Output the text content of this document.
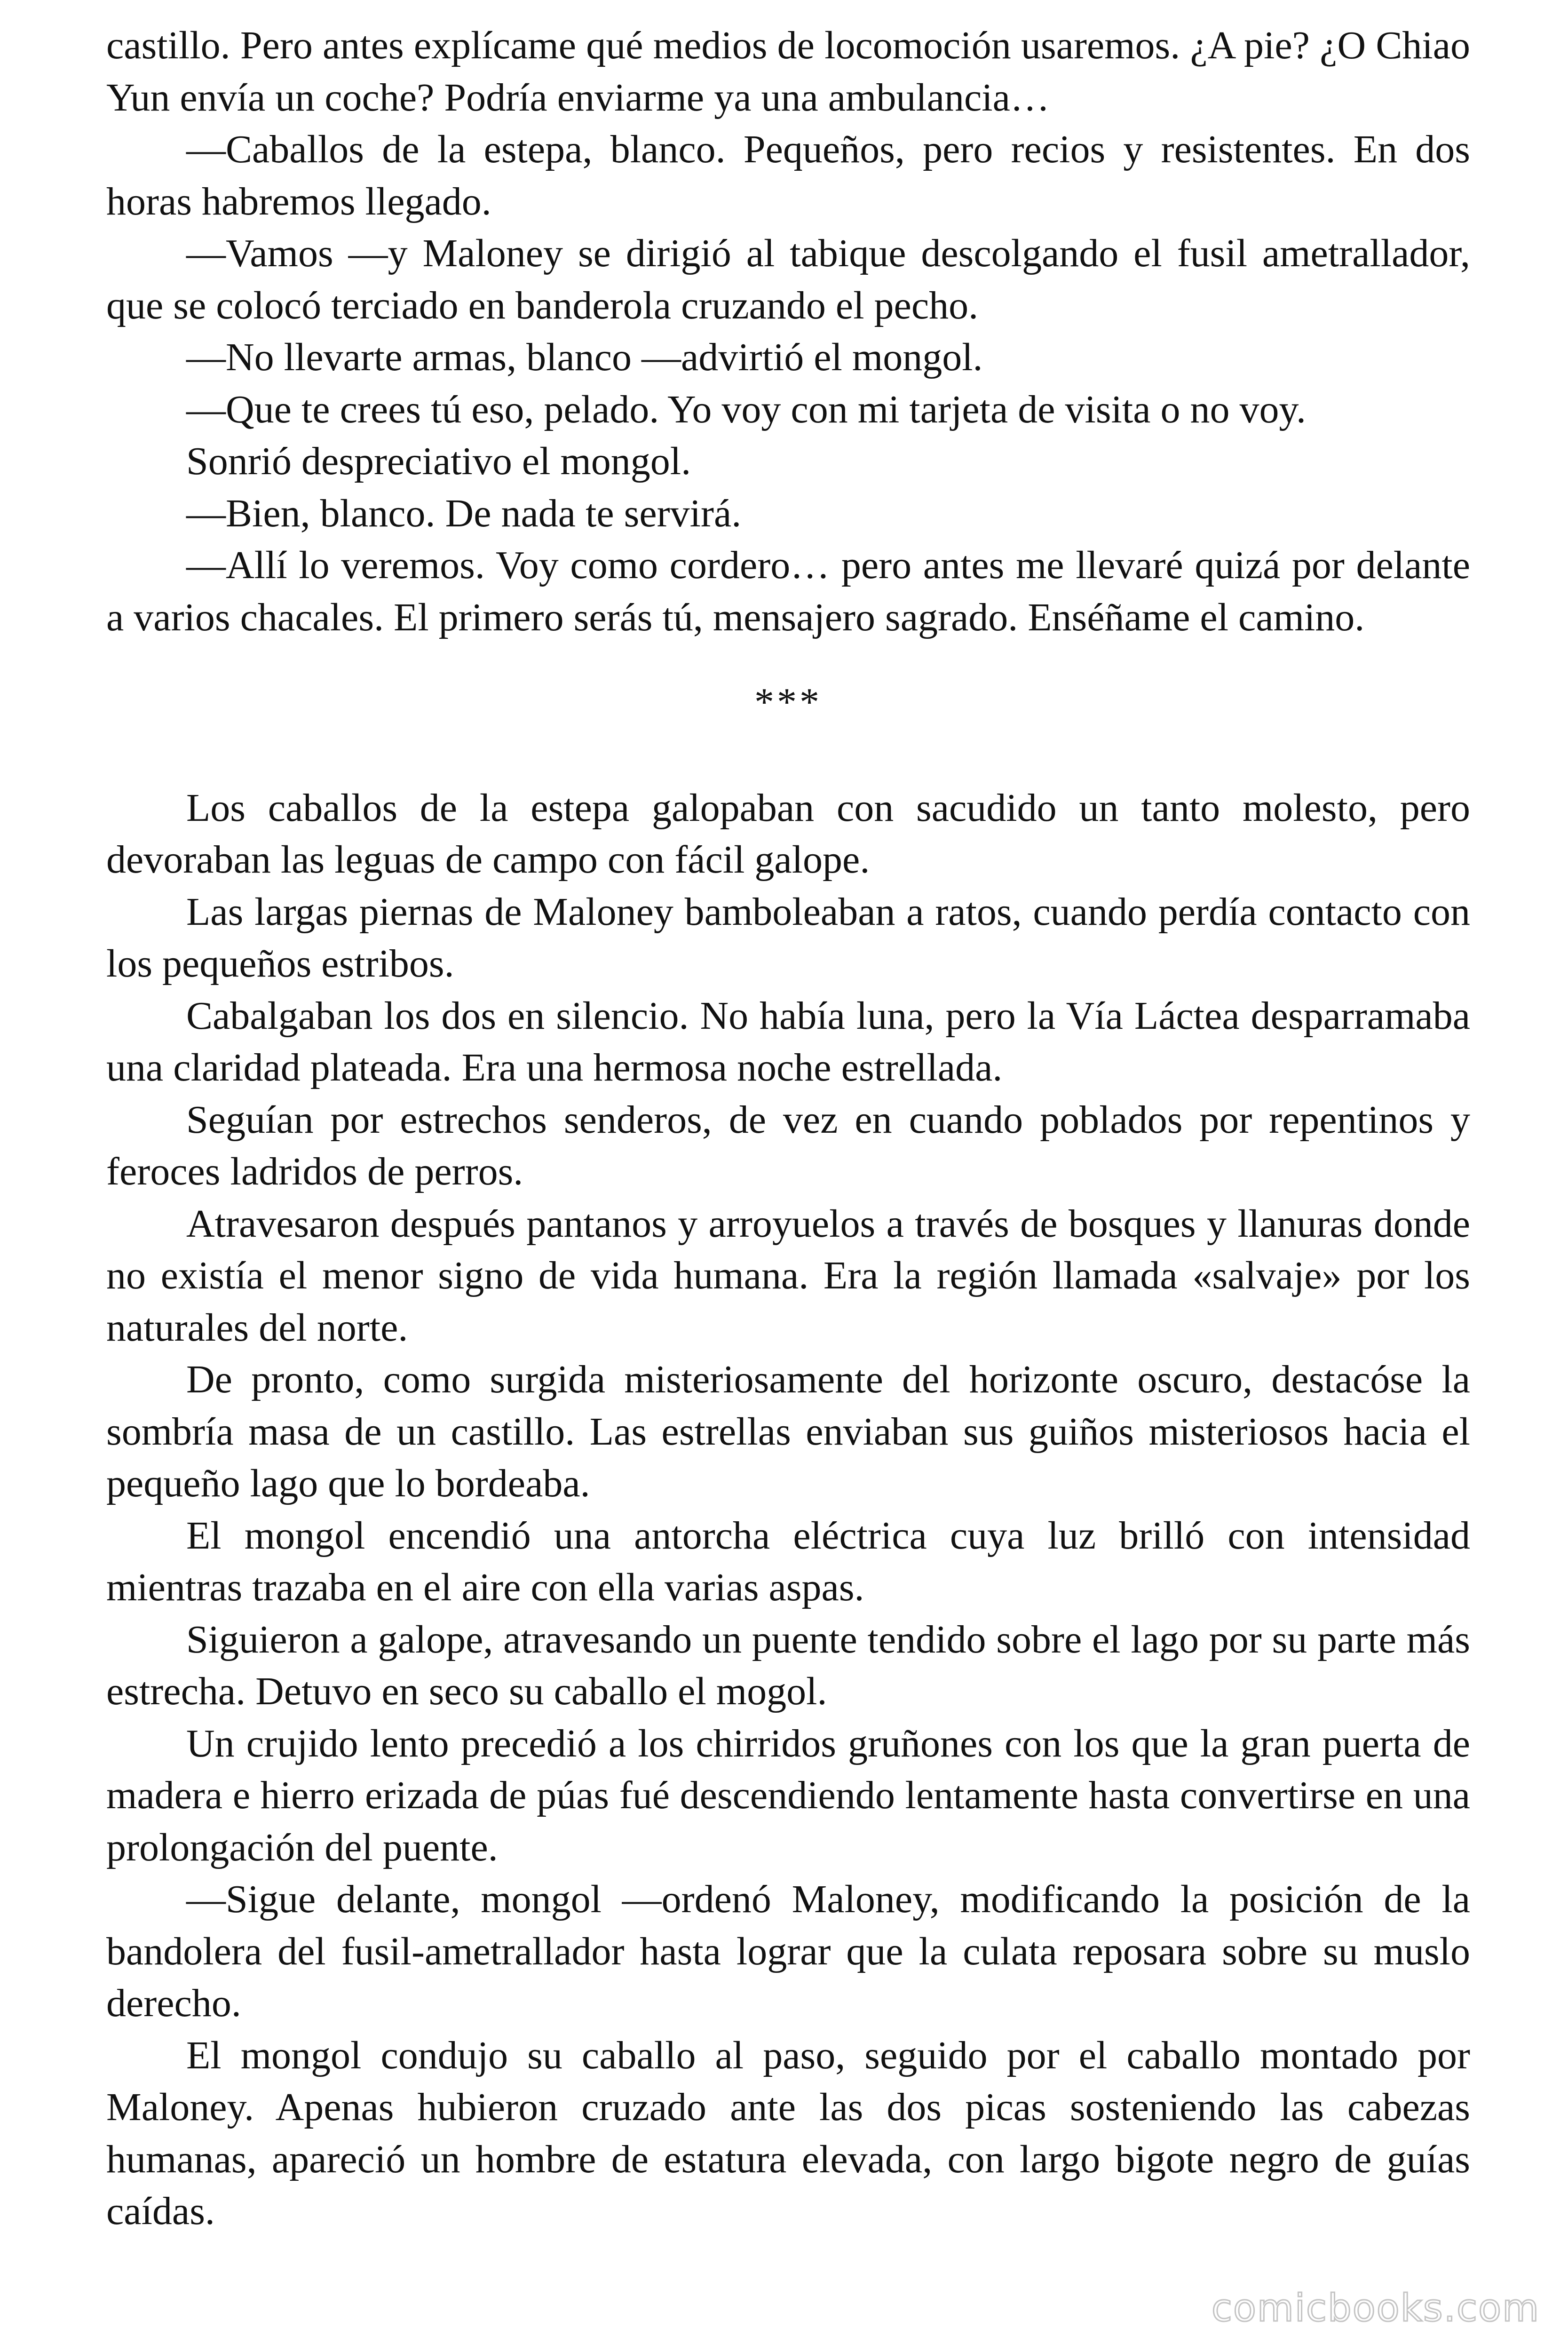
castillo. Pero antes explícame qué medios de locomoción usaremos. ¿A pie? ¿O Chiao Yun envía un coche? Podría enviarme ya una ambulancia…

—Caballos de la estepa, blanco. Pequeños, pero recios y resistentes. En dos horas habremos llegado.

—Vamos —y Maloney se dirigió al tabique descolgando el fusil ametrallador, que se colocó terciado en banderola cruzando el pecho.

—No llevarte armas, blanco —advirtió el mongol.

—Que te crees tú eso, pelado. Yo voy con mi tarjeta de visita o no voy.

Sonrió despreciativo el mongol.

—Bien, blanco. De nada te servirá.

—Allí lo veremos. Voy como cordero… pero antes me llevaré quizá por delante a varios chacales. El primero serás tú, mensajero sagrado. Enséñame el camino.

***

Los caballos de la estepa galopaban con sacudido un tanto molesto, pero devoraban las leguas de campo con fácil galope.

Las largas piernas de Maloney bamboleaban a ratos, cuando perdía contacto con los pequeños estribos.

Cabalgaban los dos en silencio. No había luna, pero la Vía Láctea desparramaba una claridad plateada. Era una hermosa noche estrellada.

Seguían por estrechos senderos, de vez en cuando poblados por repentinos y feroces ladridos de perros.

Atravesaron después pantanos y arroyuelos a través de bosques y llanuras donde no existía el menor signo de vida humana. Era la región llamada «salvaje» por los naturales del norte.

De pronto, como surgida misteriosamente del horizonte oscuro, destacóse la sombría masa de un castillo. Las estrellas enviaban sus guiños misteriosos hacia el pequeño lago que lo bordeaba.

El mongol encendió una antorcha eléctrica cuya luz brilló con intensidad mientras trazaba en el aire con ella varias aspas.

Siguieron a galope, atravesando un puente tendido sobre el lago por su parte más estrecha. Detuvo en seco su caballo el mogol.

Un crujido lento precedió a los chirridos gruñones con los que la gran puerta de madera e hierro erizada de púas fué descendiendo lentamente hasta convertirse en una prolongación del puente.

—Sigue delante, mongol —ordenó Maloney, modificando la posición de la bandolera del fusil-ametrallador hasta lograr que la culata reposara sobre su muslo derecho.

El mongol condujo su caballo al paso, seguido por el caballo montado por Maloney. Apenas hubieron cruzado ante las dos picas sosteniendo las cabezas humanas, apareció un hombre de estatura elevada, con largo bigote negro de guías caídas.

comicbooks.com
